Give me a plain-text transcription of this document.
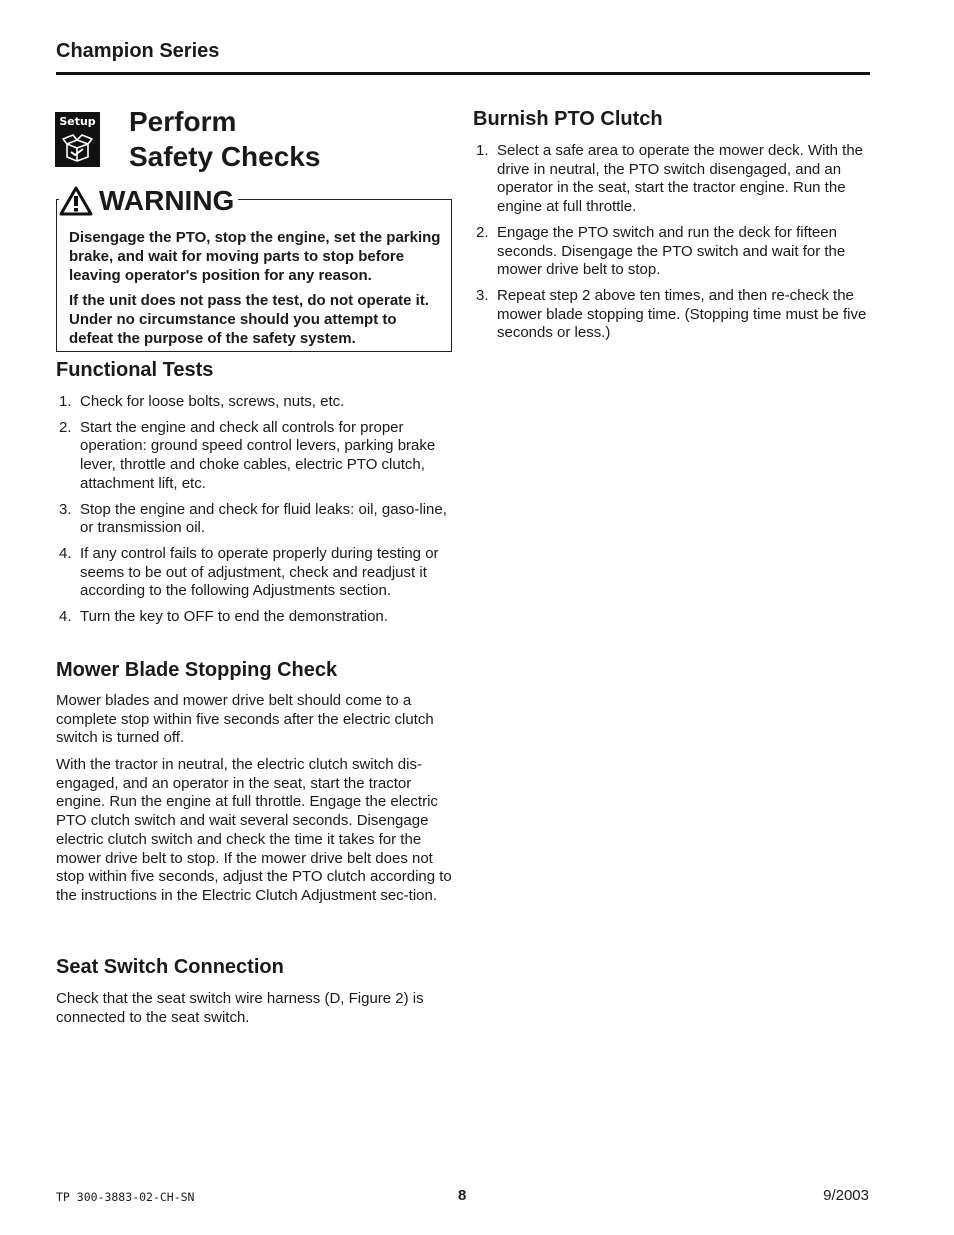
Champion Series
Setup Perform
Safety Checks
WARNING

Disengage the PTO, stop the engine, set the parking brake, and wait for moving parts to stop before leaving operator's position for any reason.

If the unit does not pass the test, do not operate it. Under no circumstance should you attempt to defeat the purpose of the safety system.

Functional Tests
1. Check for loose bolts, screws, nuts, etc.
2. Start the engine and check all controls for proper operation: ground speed control levers, parking brake lever, throttle and choke cables, electric PTO clutch, attachment lift, etc.
3. Stop the engine and check for fluid leaks: oil, gaso-line, or transmission oil.
4. If any control fails to operate properly during testing or seems to be out of adjustment, check and readjust it according to the following Adjustments section.
4. Turn the key to OFF to end the demonstration.
Mower Blade Stopping Check

Mower blades and mower drive belt should come to a complete stop within five seconds after the electric clutch switch is turned off.

With the tractor in neutral, the electric clutch switch dis-engaged, and an operator in the seat, start the tractor engine. Run the engine at full throttle. Engage the electric PTO clutch switch and wait several seconds. Disengage electric clutch switch and check the time it takes for the mower drive belt to stop. If the mower drive belt does not stop within five seconds, adjust the PTO clutch according to the instructions in the Electric Clutch Adjustment sec-tion.

Seat Switch Connection

Check that the seat switch wire harness (D, Figure 2) is connected to the seat switch.

Burnish PTO Clutch
1. Select a safe area to operate the mower deck. With the drive in neutral, the PTO switch disengaged, and an operator in the seat, start the tractor engine. Run the engine at full throttle.
2. Engage the PTO switch and run the deck for fifteen seconds. Disengage the PTO switch and wait for the mower drive belt to stop.
3. Repeat step 2 above ten times, and then re-check the mower blade stopping time. (Stopping time must be five seconds or less.)
TP 300-3883-02-CH-SN	8	9/2003
